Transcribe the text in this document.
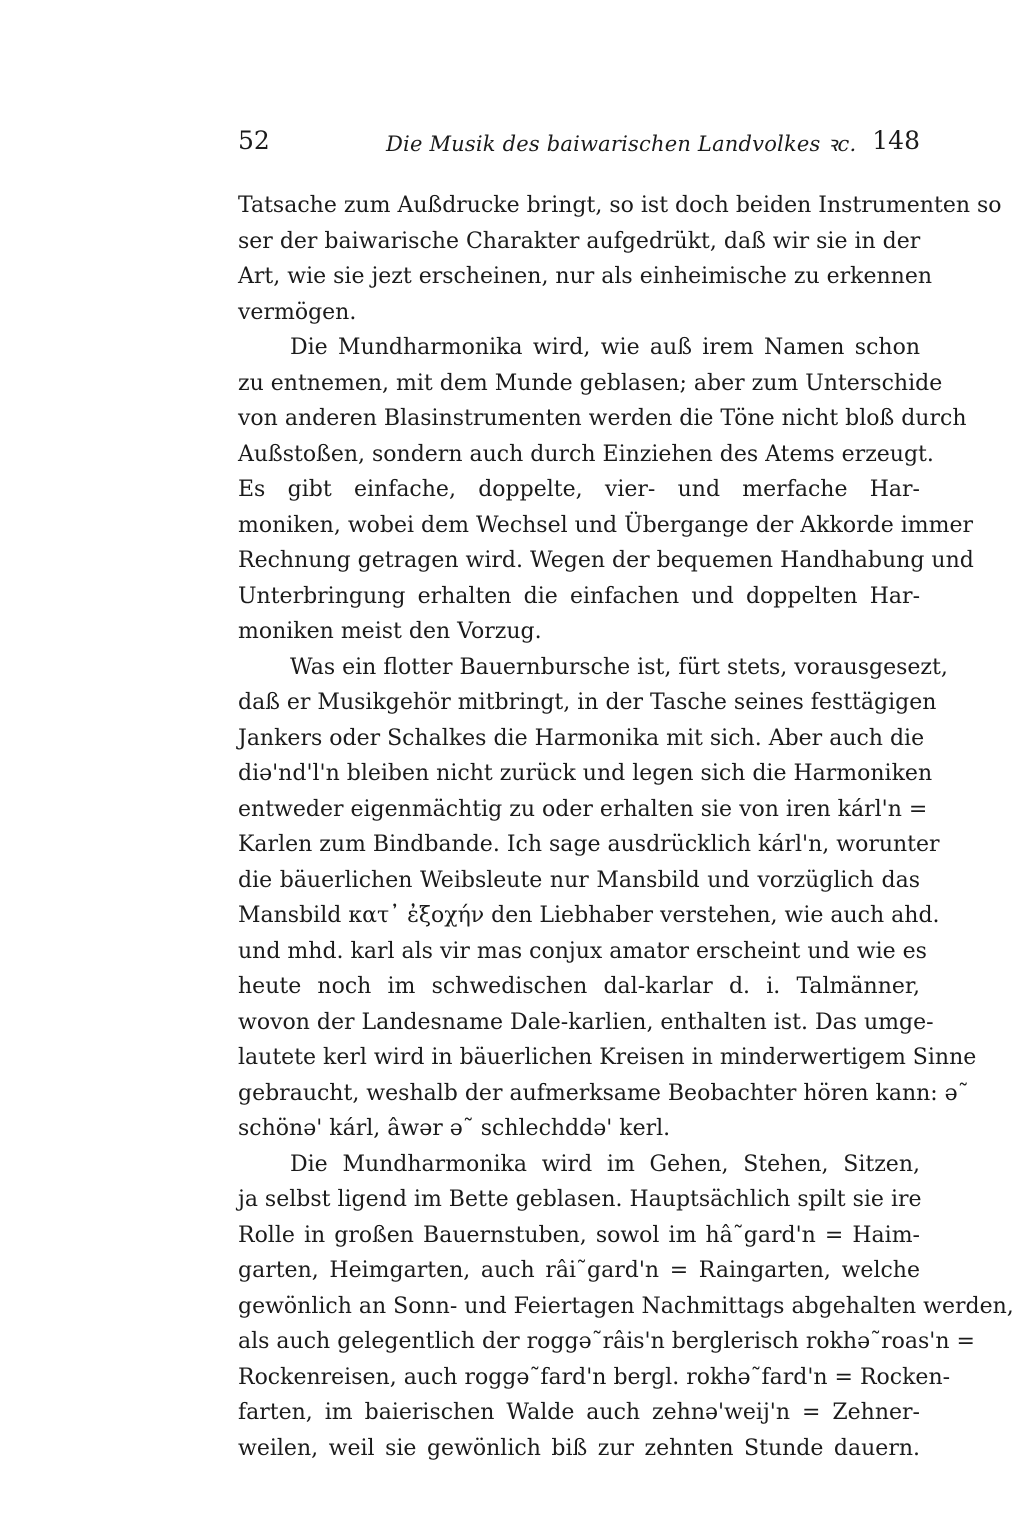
52	Die Musik des baiwarischen Landvolkes ꝛc. 148
Tatsache zum Außdrucke bringt, so ist doch beiden Instrumenten so
ser der baiwarische Charakter aufgedrükt, daß wir sie in der
Art, wie sie jezt erscheinen, nur als einheimische zu erkennen
vermögen.
Die Mundharmonika wird, wie auß irem Namen schon
zu entnemen, mit dem Munde geblasen; aber zum Unterschide
von anderen Blasinstrumenten werden die Töne nicht bloß durch
Außstoßen, sondern auch durch Einziehen des Atems erzeugt.
Es gibt einfache, doppelte, vier- und merfache Har-
moniken, wobei dem Wechsel und Übergange der Akkorde immer
Rechnung getragen wird. Wegen der bequemen Handhabung und
Unterbringung erhalten die einfachen und doppelten Har-
moniken meist den Vorzug.
Was ein flotter Bauernbursche ist, fürt stets, vorausgesezt,
daß er Musikgehör mitbringt, in der Tasche seines festtägigen
Jankers oder Schalkes die Harmonika mit sich. Aber auch die
diə'nd'l'n bleiben nicht zurück und legen sich die Harmoniken
entweder eigenmächtig zu oder erhalten sie von iren kárl'n =
Karlen zum Bindbande. Ich sage ausdrücklich kárl'n, worunter
die bäuerlichen Weibsleute nur Mansbild und vorzüglich das
Mansbild κατ᾽ ἐξοχήν den Liebhaber verstehen, wie auch ahd.
und mhd. karl als vir mas conjux amator erscheint und wie es
heute noch im schwedischen dal-karlar d. i. Talmänner,
wovon der Landesname Dale-karlien, enthalten ist. Das umge-
lautete kerl wird in bäuerlichen Kreisen in minderwertigem Sinne
gebraucht, weshalb der aufmerksame Beobachter hören kann: ə˜
schönə' kárl, âwər ə˜ schlechddə' kerl.
Die Mundharmonika wird im Gehen, Stehen, Sitzen,
ja selbst ligend im Bette geblasen. Hauptsächlich spilt sie ire
Rolle in großen Bauernstuben, sowol im hâ˜gard'n = Haim-
garten, Heimgarten, auch râi˜gard'n = Raingarten, welche
gewönlich an Sonn- und Feiertagen Nachmittags abgehalten werden,
als auch gelegentlich der roggə˜râis'n berglerisch rokhə˜roas'n =
Rockenreisen, auch roggə˜fard'n bergl. rokhə˜fard'n = Rocken-
farten, im baierischen Walde auch zehnə'weij'n = Zehner-
weilen, weil sie gewönlich biß zur zehnten Stunde dauern.
